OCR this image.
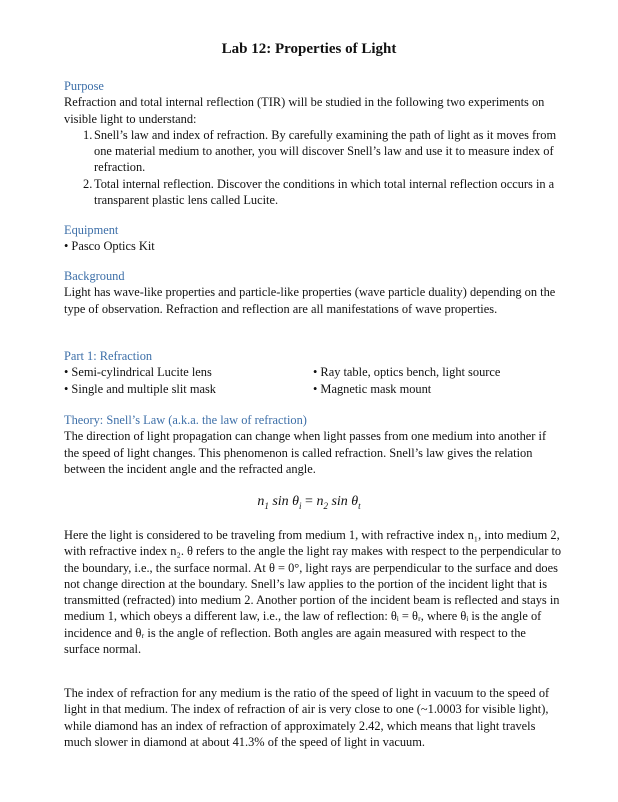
Lab 12: Properties of Light
Purpose

Refraction and total internal reflection (TIR) will be studied in the following two experiments on visible light to understand:

1. Snell’s law and index of refraction. By carefully examining the path of light as it moves from one material medium to another, you will discover Snell’s law and use it to measure index of refraction.
2. Total internal reflection. Discover the conditions in which total internal reflection occurs in a transparent plastic lens called Lucite.
Equipment
• Pasco Optics Kit
Background

Light has wave-like properties and particle-like properties (wave particle duality) depending on the type of observation. Refraction and reflection are all manifestations of wave properties.

Part 1: Refraction
• Semi-cylindrical Lucite lens
• Single and multiple slit mask
• Ray table, optics bench, light source
• Magnetic mask mount
Theory: Snell’s Law (a.k.a. the law of refraction)

The direction of light propagation can change when light passes from one medium into another if the speed of light changes. This phenomenon is called refraction. Snell’s law gives the relation between the incident angle and the refracted angle.

$n_1$ $\sin \theta_i = n_2$ $\sin \theta_t$

Here the light is considered to be traveling from medium 1, with refractive index n₁, into medium 2, with refractive index n₂. θ refers to the angle the light ray makes with respect to the perpendicular to the boundary, i.e., the surface normal. At θ = 0°, light rays are perpendicular to the surface and does not change direction at the boundary. Snell’s law applies to the portion of the incident light that is transmitted (refracted) into medium 2. Another portion of the incident beam is reflected and stays in medium 1, which obeys a different law, i.e., the law of reflection: θᵢ = θᵣ, where θᵢ is the angle of incidence and θᵣ is the angle of reflection. Both angles are again measured with respect to the surface normal.

The index of refraction for any medium is the ratio of the speed of light in vacuum to the speed of light in that medium. The index of refraction of air is very close to one (~1.0003 for visible light), while diamond has an index of refraction of approximately 2.42, which means that light travels much slower in diamond at about 41.3% of the speed of light in vacuum.
